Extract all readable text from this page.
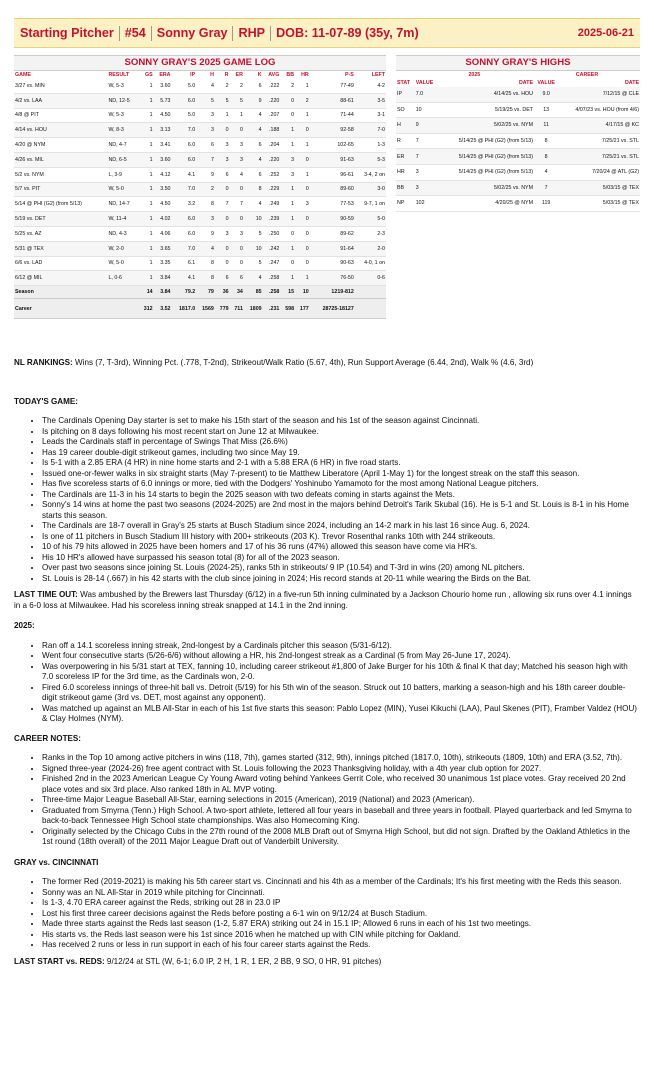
Starting Pitcher #54 Sonny Gray RHP DOB: 11-07-89 (35y, 7m)	2025-06-21
SONNY GRAY'S 2025 GAME LOG
GAME	RESULT	GS	ERA	IP	H	R	ER	K	AVG	BB	HR	P-S	LEFT
3/27 vs. MIN	W, 5-3	1	3.60	5.0	4	2	2	6	.222	2	1	77-49	4-2
4/2 vs. LAA	ND, 12-5	1	5.73	6.0	5	5	5	9	.220	0	2	88-61	3-5
4/8 @ PIT	W, 5-3	1	4.50	5.0	3	1	1	4	.207	0	1	71-44	3-1
4/14 vs. HOU	W, 8-3	1	3.13	7.0	3	0	0	4	.188	1	0	92-58	7-0
4/20 @ NYM	ND, 4-7	1	3.41	6.0	6	3	3	6	.204	1	1	102-65	1-3
4/26 vs. MIL	ND, 6-5	1	3.60	6.0	7	3	3	4	.220	3	0	91-63	5-3
5/2 vs. NYM	L, 3-9	1	4.12	4.1	9	6	4	6	.252	3	1	96-61	3-4, 2 on
5/7 vs. PIT	W, 5-0	1	3.50	7.0	2	0	0	8	.229	1	0	89-60	3-0
5/14 @ PHI (G2) (from 5/13)	ND, 14-7	1	4.50	3.2	8	7	7	4	.249	1	3	77-53	9-7, 1 on
5/19 vs. DET	W, 11-4	1	4.02	6.0	3	0	0	10	.239	1	0	90-59	5-0
5/25 vs. AZ	ND, 4-3	1	4.06	6.0	9	3	3	5	.250	0	0	89-62	2-3
5/31 @ TEX	W, 2-0	1	3.65	7.0	4	0	0	10	.242	1	0	91-64	2-0
6/6 vs. LAD	W, 5-0	1	3.35	6.1	8	0	0	5	.247	0	0	90-63	4-0, 1 on
6/12 @ MIL	L, 0-6	1	3.84	4.1	8	6	6	4	.258	1	1	76-50	0-6
Season		14	3.84	79.2	79	36	34	85	.258	15	10	1219-812	
Career		312	3.52	1817.0	1569	779	711	1809	.231	598	177	28725-18127	
SONNY GRAY'S HIGHS
	2025		CAREER	
STAT	VALUE	DATE	VALUE	DATE
IP	7.0	4/14/25 vs. HOU	9.0	7/12/15 @ CLE
SO	10	5/19/25 vs. DET	13	4/07/23 vs. HOU (from 4/6)
H	9	5/02/25 vs. NYM	11	4/17/15 @ KC
R	7	5/14/25 @ PHI (G2) (from 5/13)	8	7/25/21 vs. STL
ER	7	5/14/25 @ PHI (G2) (from 5/13)	8	7/25/21 vs. STL
HR	3	5/14/25 @ PHI (G2) (from 5/13)	4	7/20/24 @ ATL (G2)
BB	3	5/02/25 vs. NYM	7	5/03/15 @ TEX
NP	102	4/20/25 @ NYM	119	5/03/15 @ TEX

NL RANKINGS: Wins (7, T-3rd), Winning Pct. (.778, T-2nd), Strikeout/Walk Ratio (5.67, 4th), Run Support Average (6.44, 2nd), Walk % (4.6, 3rd)

TODAY'S GAME:

• The Cardinals Opening Day starter is set to make his 15th start of the season and his 1st of the season against Cincinnati.
• Is pitching on 8 days following his most recent start on June 12 at Milwaukee.
• Leads the Cardinals staff in percentage of Swings That Miss (26.6%)
• Has 19 career double-digit strikeout games, including two since May 19.
• Is 5-1 with a 2.85 ERA (4 HR) in nine home starts and 2-1 with a 5.88 ERA (6 HR) in five road starts.
• Issued one-or-fewer walks in six straight starts (May 7-present) to tie Matthew Liberatore (April 1-May 1) for the longest streak on the staff this season.
• Has five scoreless starts of 6.0 innings or more, tied with the Dodgers' Yoshinubo Yamamoto for the most among National League pitchers.
• The Cardinals are 11-3 in his 14 starts to begin the 2025 season with two defeats coming in starts against the Mets.
• Sonny's 14 wins at home the past two seasons (2024-2025) are 2nd most in the majors behind Detroit's Tarik Skubal (16). He is 5-1 and St. Louis is 8-1 in his Home starts this season.
• The Cardinals are 18-7 overall in Gray's 25 starts at Busch Stadium since 2024, including an 14-2 mark in his last 16 since Aug. 6, 2024.
• Is one of 11 pitchers in Busch Stadium III history with 200+ strikeouts (203 K). Trevor Rosenthal ranks 10th with 244 strikeouts.
• 10 of his 79 hits allowed in 2025 have been homers and 17 of his 36 runs (47%) allowed this season have come via HR's.
• His 10 HR's allowed have surpassed his season total (8) for all of the 2023 season.
• Over past two seasons since joining St. Louis (2024-25), ranks 5th in strikeouts/ 9 IP (10.54) and T-3rd in wins (20) among NL pitchers.
• St. Louis is 28-14 (.667) in his 42 starts with the club since joining in 2024; His record stands at 20-11 while wearing the Birds on the Bat.

LAST TIME OUT: Was ambushed by the Brewers last Thursday (6/12) in a five-run 5th inning culminated by a Jackson Chourio home run , allowing six runs over 4.1 innings in a 6-0 loss at Milwaukee. Had his scoreless inning streak snapped at 14.1 in the 2nd inning.

2025:

• Ran off a 14.1 scoreless inning streak, 2nd-longest by a Cardinals pitcher this season (5/31-6/12).
• Went four consecutive starts (5/26-6/6) without allowing a HR, his 2nd-longest streak as a Cardinal (5 from May 26-June 17, 2024).
• Was overpowering in his 5/31 start at TEX, fanning 10, including career strikeout #1,800 of Jake Burger for his 10th & final K that day; Matched his season high with 7.0 scoreless IP for the 3rd time, as the Cardinals won, 2-0.
• Fired 6.0 scoreless innings of three-hit ball vs. Detroit (5/19) for his 5th win of the season. Struck out 10 batters, marking a season-high and his 18th career double-digit strikeout game (3rd vs. DET, most against any opponent).
• Was matched up against an MLB All-Star in each of his 1st five starts this season: Pablo Lopez (MIN), Yusei Kikuchi (LAA), Paul Skenes (PIT), Framber Valdez (HOU) & Clay Holmes (NYM).

CAREER NOTES:

• Ranks in the Top 10 among active pitchers in wins (118, 7th), games started (312, 9th), innings pitched (1817.0, 10th), strikeouts (1809, 10th) and ERA (3.52, 7th).
• Signed three-year (2024-26) free agent contract with St. Louis following the 2023 Thanksgiving holiday, with a 4th year club option for 2027.
• Finished 2nd in the 2023 American League Cy Young Award voting behind Yankees Gerrit Cole, who received 30 unanimous 1st place votes. Gray received 20 2nd place votes and six 3rd place. Also ranked 18th in AL MVP voting.
• Three-time Major League Baseball All-Star, earning selections in 2015 (American), 2019 (National) and 2023 (American).
• Graduated from Smyrna (Tenn.) High School. A two-sport athlete, lettered all four years in baseball and three years in football. Played quarterback and led Smyrna to back-to-back Tennessee High School state championships. Was also Homecoming King.
• Originally selected by the Chicago Cubs in the 27th round of the 2008 MLB Draft out of Smyrna High School, but did not sign. Drafted by the Oakland Athletics in the 1st round (18th overall) of the 2011 Major League Draft out of Vanderbilt University.

GRAY vs. CINCINNATI

• The former Red (2019-2021) is making his 5th career start vs. Cincinnati and his 4th as a member of the Cardinals; It's his first meeting with the Reds this season.
• Sonny was an NL All-Star in 2019 while pitching for Cincinnati.
• Is 1-3, 4.70 ERA career against the Reds, striking out 28 in 23.0 IP
• Lost his first three career decisions against the Reds before posting a 6-1 win on 9/12/24 at Busch Stadium.
• Made three starts against the Reds last season (1-2, 5.87 ERA) striking out 24 in 15.1 IP; Allowed 6 runs in each of his 1st two meetings.
• His starts vs. the Reds last season were his 1st since 2016 when he matched up with CIN while pitching for Oakland.
• Has received 2 runs or less in run support in each of his four career starts against the Reds.

LAST START vs. REDS: 9/12/24 at STL (W, 6-1; 6.0 IP, 2 H, 1 R, 1 ER, 2 BB, 9 SO, 0 HR, 91 pitches)
